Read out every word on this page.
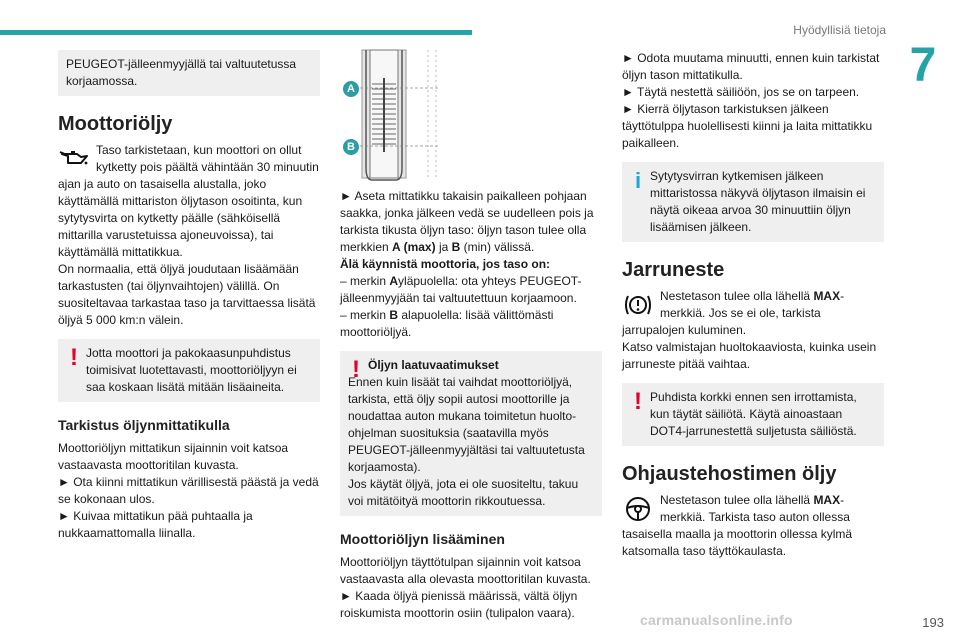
Hyödyllisiä tietoja
7

PEUGEOT-jälleenmyyjällä tai valtuutetussa korjaamossa.

Moottoriöljy

Taso tarkistetaan, kun moottori on ollut kytketty pois päältä vähintään 30 minuutin ajan ja auto on tasaisella alustalla, joko käyttämällä mittariston öljytason osoitinta, kun sytytysvirta on kytketty päälle (sähköisellä mittarilla varustetuissa ajoneuvoissa), tai käyttämällä mittatikkua.

On normaalia, että öljyä joudutaan lisäämään tarkastusten (tai öljynvaihtojen) välillä. On suositeltavaa tarkastaa taso ja tarvittaessa lisätä öljyä 5 000 km:n välein.

! Jotta moottori ja pakokaasunpuhdistus toimisivat luotettavasti, moottoriöljyyn ei saa koskaan lisätä mitään lisäaineita.

Tarkistus öljynmittatikulla

Moottoriöljyn mittatikun sijainnin voit katsoa vastaavasta moottoritilan kuvasta.

► Ota kiinni mittatikun värillisestä päästä ja vedä se kokonaan ulos.

► Kuivaa mittatikun pää puhtaalla ja nukkaamattomalla liinalla.

A
B

► Aseta mittatikku takaisin paikalleen pohjaan saakka, jonka jälkeen vedä se uudelleen pois ja tarkista tikusta öljyn taso: öljyn tason tulee olla merkkien A (max) ja B (min) välissä.

Älä käynnistä moottoria, jos taso on:

– merkin Ayläpuolella: ota yhteys PEUGEOT-jälleenmyyjään tai valtuutettuun korjaamoon.

– merkin B alapuolella: lisää välittömästi moottoriöljyä.

! Öljyn laatuvaatimukset

Ennen kuin lisäät tai vaihdat moottoriöljyä, tarkista, että öljy sopii autosi moottorille ja noudattaa auton mukana toimitetun huolto-ohjelman suosituksia (saatavilla myös PEUGEOT-jälleenmyyjältäsi tai valtuutetusta korjaamosta).

Jos käytät öljyä, jota ei ole suositeltu, takuu voi mitätöityä moottorin rikkoutuessa.

Moottoriöljyn lisääminen

Moottoriöljyn täyttötulpan sijainnin voit katsoa vastaavasta alla olevasta moottoritilan kuvasta.

► Kaada öljyä pienissä määrissä, vältä öljyn roiskumista moottorin osiin (tulipalon vaara).

► Odota muutama minuutti, ennen kuin tarkistat öljyn tason mittatikulla.

► Täytä nestettä säiliöön, jos se on tarpeen.

► Kierrä öljytason tarkistuksen jälkeen täyttötulppa huolellisesti kiinni ja laita mittatikku paikalleen.

i Sytytysvirran kytkemisen jälkeen mittaristossa näkyvä öljytason ilmaisin ei näytä oikeaa arvoa 30 minuuttiin öljyn lisäämisen jälkeen.

Jarruneste

Nestetason tulee olla lähellä MAX-merkkiä. Jos se ei ole, tarkista jarrupalojen kuluminen.

Katso valmistajan huoltokaaviosta, kuinka usein jarruneste pitää vaihtaa.

! Puhdista korkki ennen sen irrottamista, kun täytät säiliötä. Käytä ainoastaan DOT4-jarrunestettä suljetusta säiliöstä.

Ohjaustehostimen öljy

Nestetason tulee olla lähellä MAX-merkkiä. Tarkista taso auton ollessa tasaisella maalla ja moottorin ollessa kylmä katsomalla taso täyttökaulasta.

carmanualsonline.info	193
